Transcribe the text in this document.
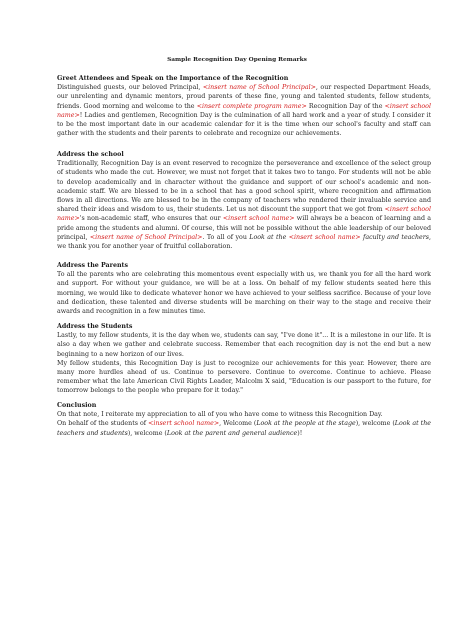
Sample Recognition Day Opening Remarks
Greet Attendees and Speak on the Importance of the Recognition

Distinguished guests, our beloved Principal, <insert name of School Principal>, our respected Department Heads, our unrelenting and dynamic mentors, proud parents of these fine, young and talented students, fellow students, friends. Good morning and welcome to the <insert complete program name> Recognition Day of the <insert school name>! Ladies and gentlemen, Recognition Day is the culmination of all hard work and a year of study. I consider it to be the most important date in our academic calendar for it is the time when our school's faculty and staff can gather with the students and their parents to celebrate and recognize our achievements.

Address the school

Traditionally, Recognition Day is an event reserved to recognize the perseverance and excellence of the select group of students who made the cut. However, we must not forget that it takes two to tango. For students will not be able to develop academically and in character without the guidance and support of our school's academic and non-academic staff. We are blessed to be in a school that has a good school spirit, where recognition and affirmation flows in all directions. We are blessed to be in the company of teachers who rendered their invaluable service and shared their ideas and wisdom to us, their students. Let us not discount the support that we got from <insert school name>'s non-academic staff, who ensures that our <insert school name> will always be a beacon of learning and a pride among the students and alumni. Of course, this will not be possible without the able leadership of our beloved principal, <insert name of School Principal>. To all of you Look at the <insert school name> faculty and teachers, we thank you for another year of fruitful collaboration.

Address the Parents

To all the parents who are celebrating this momentous event especially with us, we thank you for all the hard work and support. For without your guidance, we will be at a loss. On behalf of my fellow students seated here this morning, we would like to dedicate whatever honor we have achieved to your selfless sacrifice. Because of your love and dedication, these talented and diverse students will be marching on their way to the stage and receive their awards and recognition in a few minutes time.

Address the Students

Lastly, to my fellow students, it is the day when we, students can say, "I've done it"... It is a milestone in our life. It is also a day when we gather and celebrate success. Remember that each recognition day is not the end but a new beginning to a new horizon of our lives.

My fellow students, this Recognition Day is just to recognize our achievements for this year. However, there are many more hurdles ahead of us. Continue to persevere. Continue to overcome. Continue to achieve. Please remember what the late American Civil Rights Leader, Malcolm X said, "Education is our passport to the future, for tomorrow belongs to the people who prepare for it today."

Conclusion

On that note, I reiterate my appreciation to all of you who have come to witness this Recognition Day.

On behalf of the students of <insert school name>, Welcome (Look at the people at the stage), welcome (Look at the teachers and students), welcome (Look at the parent and general audience)!
